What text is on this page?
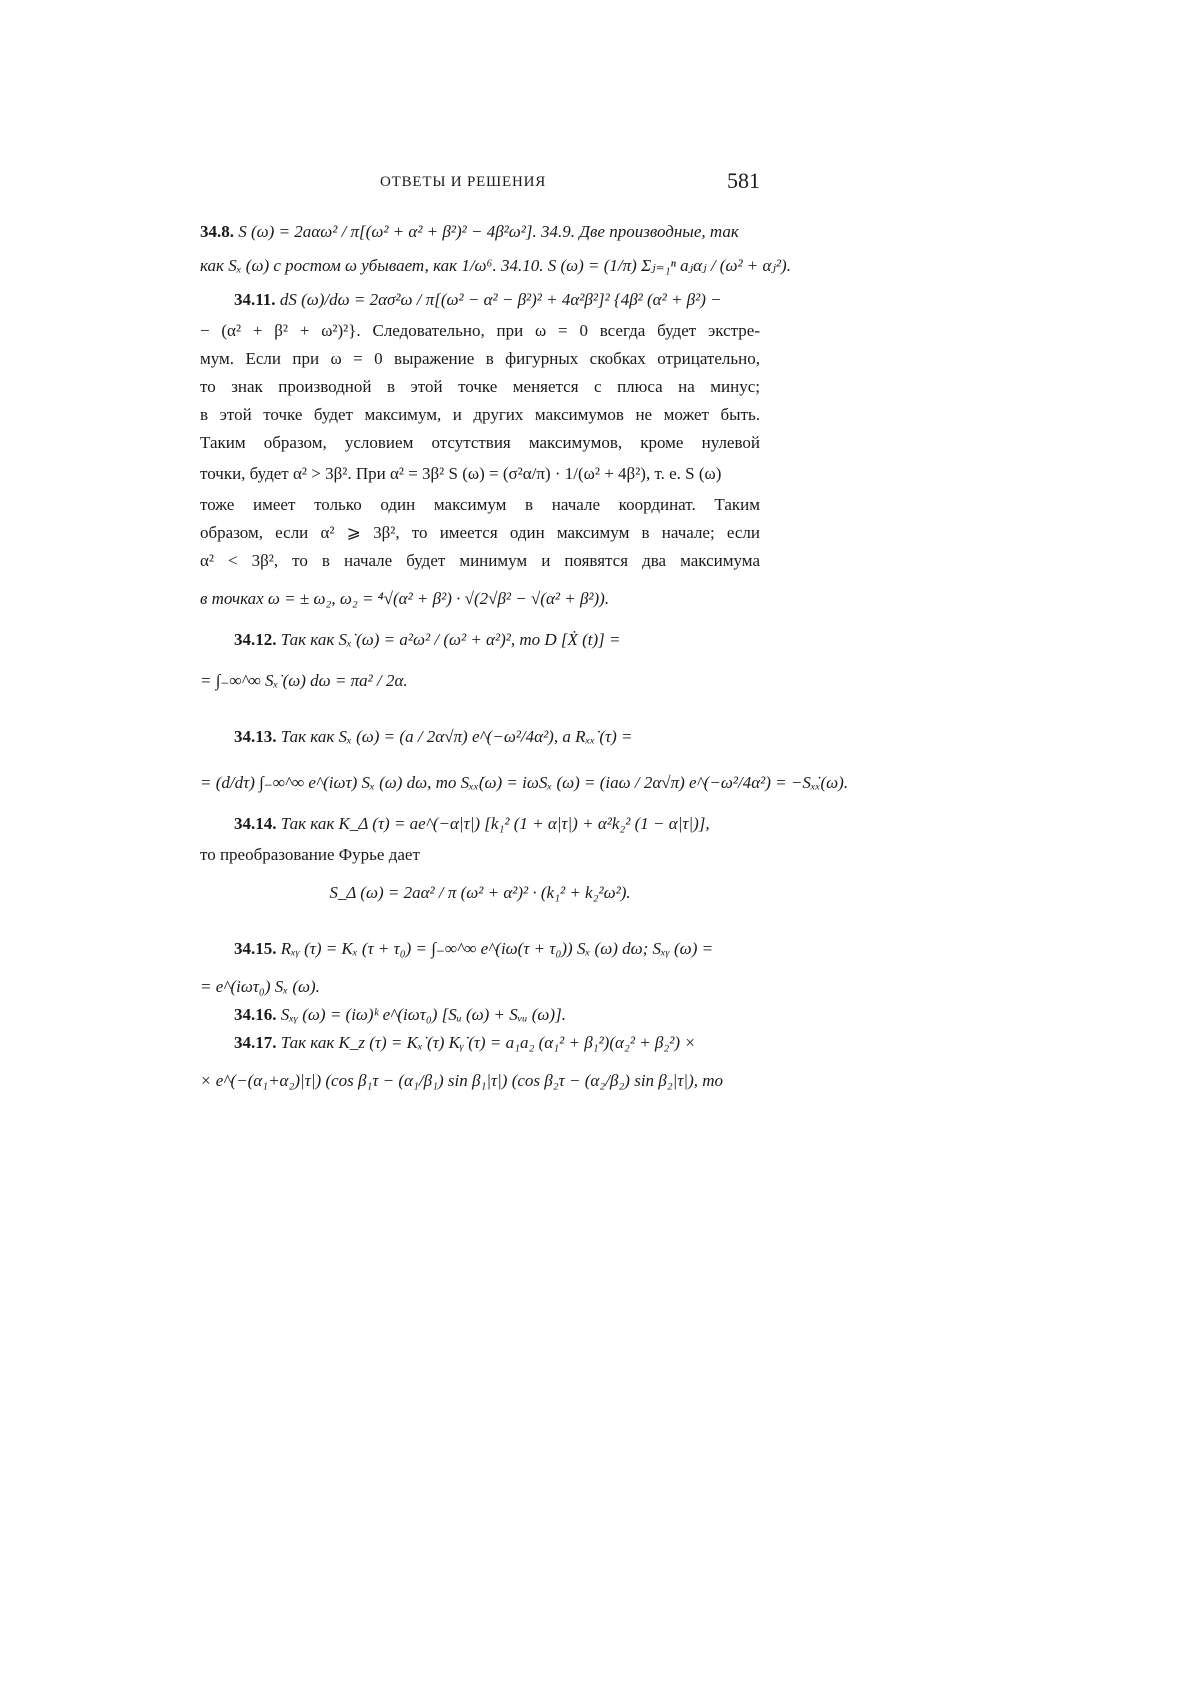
ОТВЕТЫ И РЕШЕНИЯ	581
34.8. S (ω) = 2aαω² / π[(ω² + α² + β²)² − 4β²ω²]. 34.9. Две производные, так
как Sₓ (ω) с ростом ω убывает, как 1/ω⁶. 34.10. S (ω) = (1/π) Σⱼ₌₁ⁿ aⱼαⱼ / (ω² + αⱼ²).
34.11. dS (ω)/dω = 2ασ²ω / π[(ω² − α² − β²)² + 4α²β²]² {4β² (α² + β²) −
− (α² + β² + ω²)²}. Следовательно, при ω = 0 всегда будет экстре-
мум. Если при ω = 0 выражение в фигурных скобках отрицательно,
то знак производной в этой точке меняется с плюса на минус;
в этой точке будет максимум, и других максимумов не может быть.
Таким образом, условием отсутствия максимумов, кроме нулевой
точки, будет α² > 3β². При α² = 3β² S (ω) = (σ²α/π) · 1/(ω² + 4β²), т. е. S (ω)
тоже имеет только один максимум в начале координат. Таким
образом, если α² ⩾ 3β², то имеется один максимум в начале; если
α² < 3β², то в начале будет минимум и появятся два максимума
в точках ω = ± ω₂, ω₂ = ⁴√(α² + β²) · √(2√β² − √(α² + β²)).
34.12. Так как Sₓ̇ (ω) = a²ω² / (ω² + α²)², то D [Ẋ (t)] =
= ∫₋∞^∞ Sₓ̇ (ω) dω = πa² / 2α.
34.13. Так как Sₓ (ω) = (a / 2α√π) e^(−ω²/4α²), а Rₓₓ̇ (τ) =
= (d/dτ) ∫₋∞^∞ e^(iωτ) Sₓ (ω) dω, то Sₓₓ̇(ω) = iωSₓ (ω) = (iaω / 2α√π) e^(−ω²/4α²) = −Sₓ̇ₓ(ω).
34.14. Так как K_Δ (τ) = ae^(−α|τ|) [k₁² (1 + α|τ|) + α²k₂² (1 − α|τ|)],
то преобразование Фурье дает
S_Δ (ω) = 2aα² / π (ω² + α²)² · (k₁² + k₂²ω²).
34.15. Rₓᵧ (τ) = Kₓ (τ + τ₀) = ∫₋∞^∞ e^(iω(τ + τ₀)) Sₓ (ω) dω; Sₓᵧ (ω) =
= e^(iωτ₀) Sₓ (ω).
34.16. Sₓᵧ (ω) = (iω)ᵏ e^(iωτ₀) [Sᵤ (ω) + Sᵥᵤ (ω)].
34.17. Так как K_z (τ) = Kₓ̇ (τ) Kᵧ̇ (τ) = a₁a₂ (α₁² + β₁²)(α₂² + β₂²) ×
× e^(−(α₁+α₂)|τ|) (cos β₁τ − (α₁/β₁) sin β₁|τ|) (cos β₂τ − (α₂/β₂) sin β₂|τ|), то
